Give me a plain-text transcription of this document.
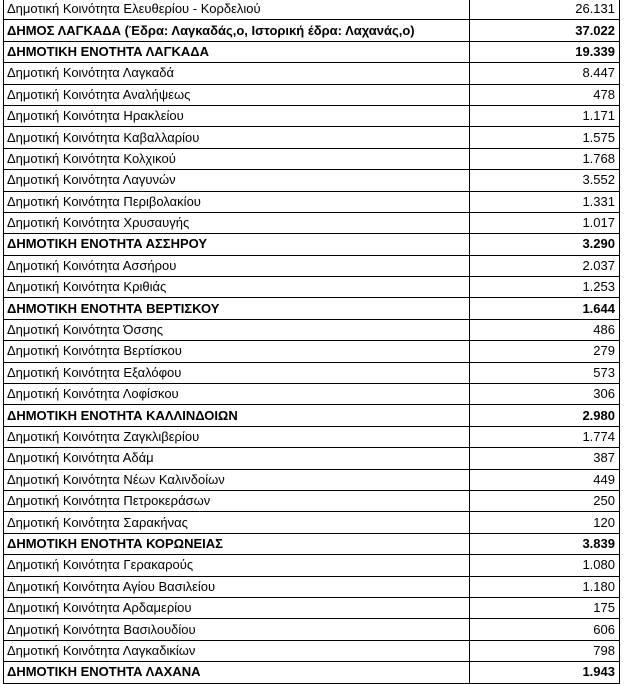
Δημοτική Κοινότητα Ελευθερίου - Κορδελιού	26.131
ΔΗΜΟΣ ΛΑΓΚΑΔΑ (Έδρα: Λαγκαδάς,ο, Ιστορική έδρα: Λαχανάς,ο)	37.022
ΔΗΜΟΤΙΚΗ ΕΝΟΤΗΤΑ ΛΑΓΚΑΔΑ	19.339
Δημοτική Κοινότητα Λαγκαδά	8.447
Δημοτική Κοινότητα Αναλήψεως	478
Δημοτική Κοινότητα Ηρακλείου	1.171
Δημοτική Κοινότητα Καβαλλαρίου	1.575
Δημοτική Κοινότητα Κολχικού	1.768
Δημοτική Κοινότητα Λαγυνών	3.552
Δημοτική Κοινότητα Περιβολακίου	1.331
Δημοτική Κοινότητα Χρυσαυγής	1.017
ΔΗΜΟΤΙΚΗ ΕΝΟΤΗΤΑ ΑΣΣΗΡΟΥ	3.290
Δημοτική Κοινότητα Ασσήρου	2.037
Δημοτική Κοινότητα Κριθιάς	1.253
ΔΗΜΟΤΙΚΗ ΕΝΟΤΗΤΑ ΒΕΡΤΙΣΚΟΥ	1.644
Δημοτική Κοινότητα Όσσης	486
Δημοτική Κοινότητα Βερτίσκου	279
Δημοτική Κοινότητα Εξαλόφου	573
Δημοτική Κοινότητα Λοφίσκου	306
ΔΗΜΟΤΙΚΗ ΕΝΟΤΗΤΑ ΚΑΛΛΙΝΔΟΙΩΝ	2.980
Δημοτική Κοινότητα Ζαγκλιβερίου	1.774
Δημοτική Κοινότητα Αδάμ	387
Δημοτική Κοινότητα Νέων Καλινδοίων	449
Δημοτική Κοινότητα Πετροκεράσων	250
Δημοτική Κοινότητα Σαρακήνας	120
ΔΗΜΟΤΙΚΗ ΕΝΟΤΗΤΑ ΚΟΡΩΝΕΙΑΣ	3.839
Δημοτική Κοινότητα Γερακαρούς	1.080
Δημοτική Κοινότητα Αγίου Βασιλείου	1.180
Δημοτική Κοινότητα Αρδαμερίου	175
Δημοτική Κοινότητα Βασιλουδίου	606
Δημοτική Κοινότητα Λαγκαδικίων	798
ΔΗΜΟΤΙΚΗ ΕΝΟΤΗΤΑ ΛΑΧΑΝΑ	1.943
